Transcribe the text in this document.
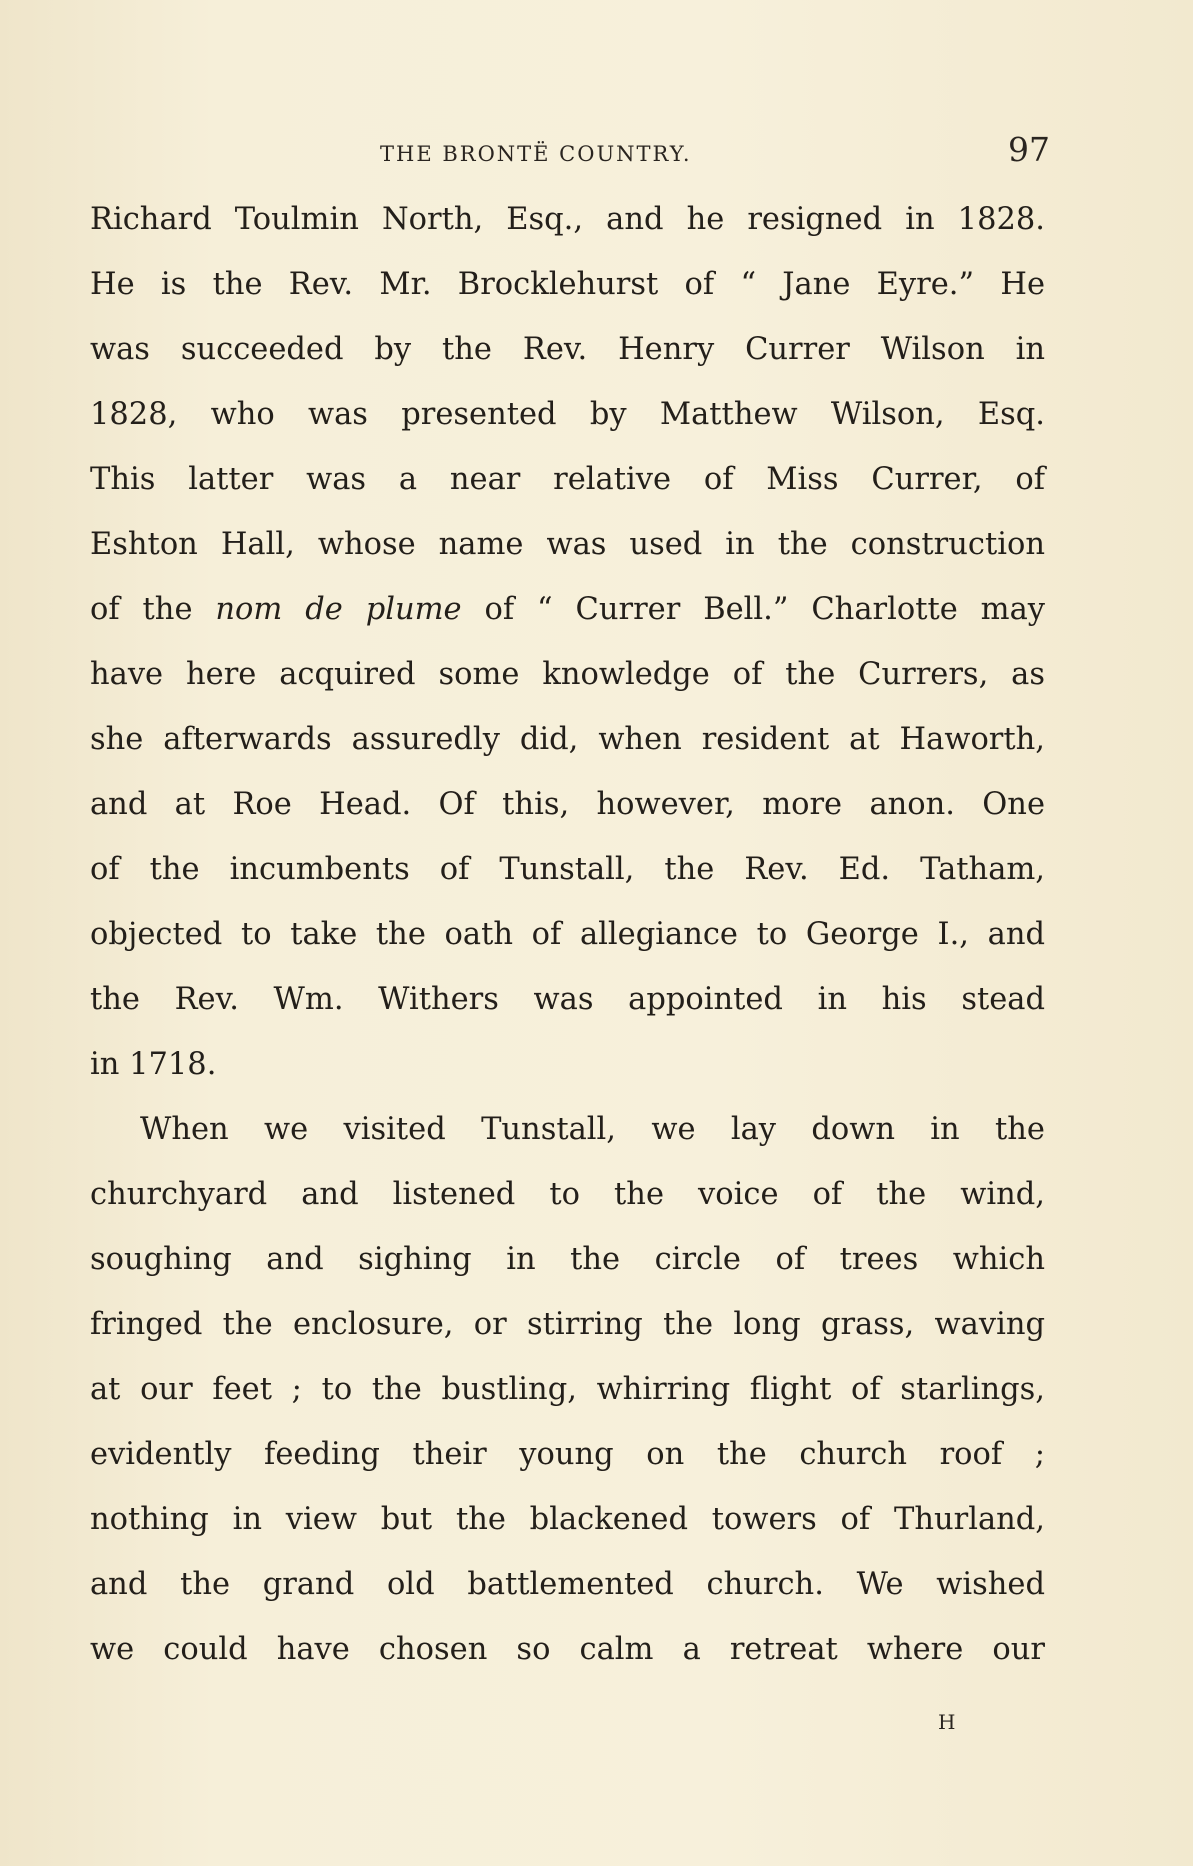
THE BRONTË COUNTRY.	97
Richard Toulmin North, Esq., and he resigned in 1828.
He is the Rev. Mr. Brocklehurst of “ Jane Eyre.” He
was succeeded by the Rev. Henry Currer Wilson in
1828, who was presented by Matthew Wilson, Esq.
This latter was a near relative of Miss Currer, of
Eshton Hall, whose name was used in the construction
of the nom de plume of “ Currer Bell.” Charlotte may
have here acquired some knowledge of the Currers, as
she afterwards assuredly did, when resident at Haworth,
and at Roe Head. Of this, however, more anon. One
of the incumbents of Tunstall, the Rev. Ed. Tatham,
objected to take the oath of allegiance to George I., and
the Rev. Wm. Withers was appointed in his stead
in 1718.
When we visited Tunstall, we lay down in the
churchyard and listened to the voice of the wind,
soughing and sighing in the circle of trees which
fringed the enclosure, or stirring the long grass, waving
at our feet ; to the bustling, whirring flight of starlings,
evidently feeding their young on the church roof ;
nothing in view but the blackened towers of Thurland,
and the grand old battlemented church. We wished
we could have chosen so calm a retreat where our
H
